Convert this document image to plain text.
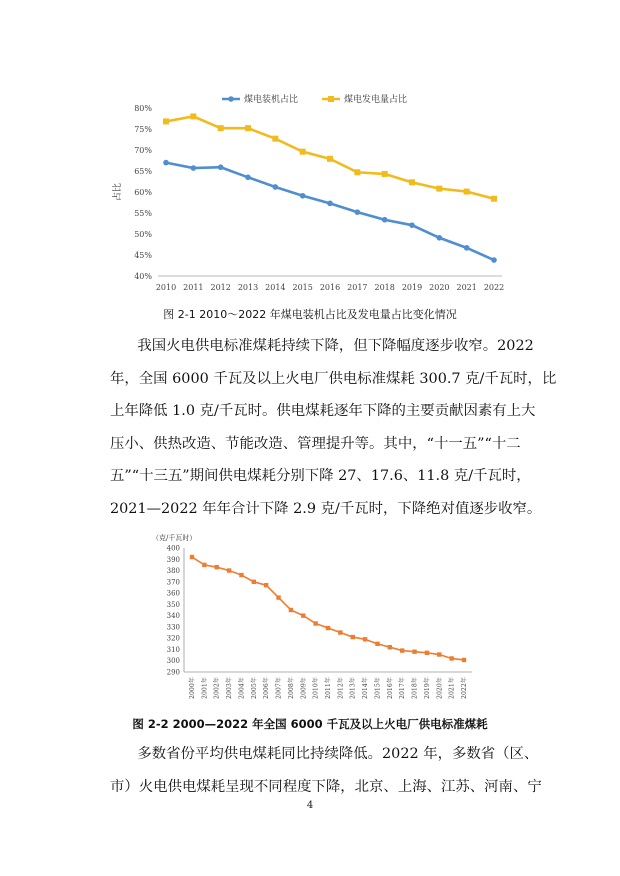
40%
45%
50%
55%
60%
65%
70%
75%
80%
2010 2011 2012 2013 2014 2015 2016 2017 2018 2019 2020 2021 2022
占比
煤电装机占比	煤电发电量占比
图 2-1 2010～2022 年煤电装机占比及发电量占比变化情况

我国火电供电标准煤耗持续下降，但下降幅度逐步收窄。2022

年，全国 6000 千瓦及以上火电厂供电标准煤耗 300.7 克/千瓦时，比

上年降低 1.0 克/千瓦时。供电煤耗逐年下降的主要贡献因素有上大

压小、供热改造、节能改造、管理提升等。其中，“十一五”“十二

五”“十三五”期间供电煤耗分别下降 27、17.6、11.8 克/千瓦时，

2021—2022 年年合计下降 2.9 克/千瓦时，下降绝对值逐步收窄。

（克/千瓦时）
290
300
310
320
330
340
350
360
370
380
390
400
2000年 2001年 2002年 2003年 2004年 2005年 2006年 2007年 2008年 2009年 2010年 2011年 2012年 2013年 2014年 2015年 2016年 2017年 2018年 2019年 2020年 2021年 2022年
图 2-2 2000—2022 年全国 6000 千瓦及以上火电厂供电标准煤耗

多数省份平均供电煤耗同比持续降低。2022 年，多数省（区、

市）火电供电煤耗呈现不同程度下降，北京、上海、江苏、河南、宁

4
